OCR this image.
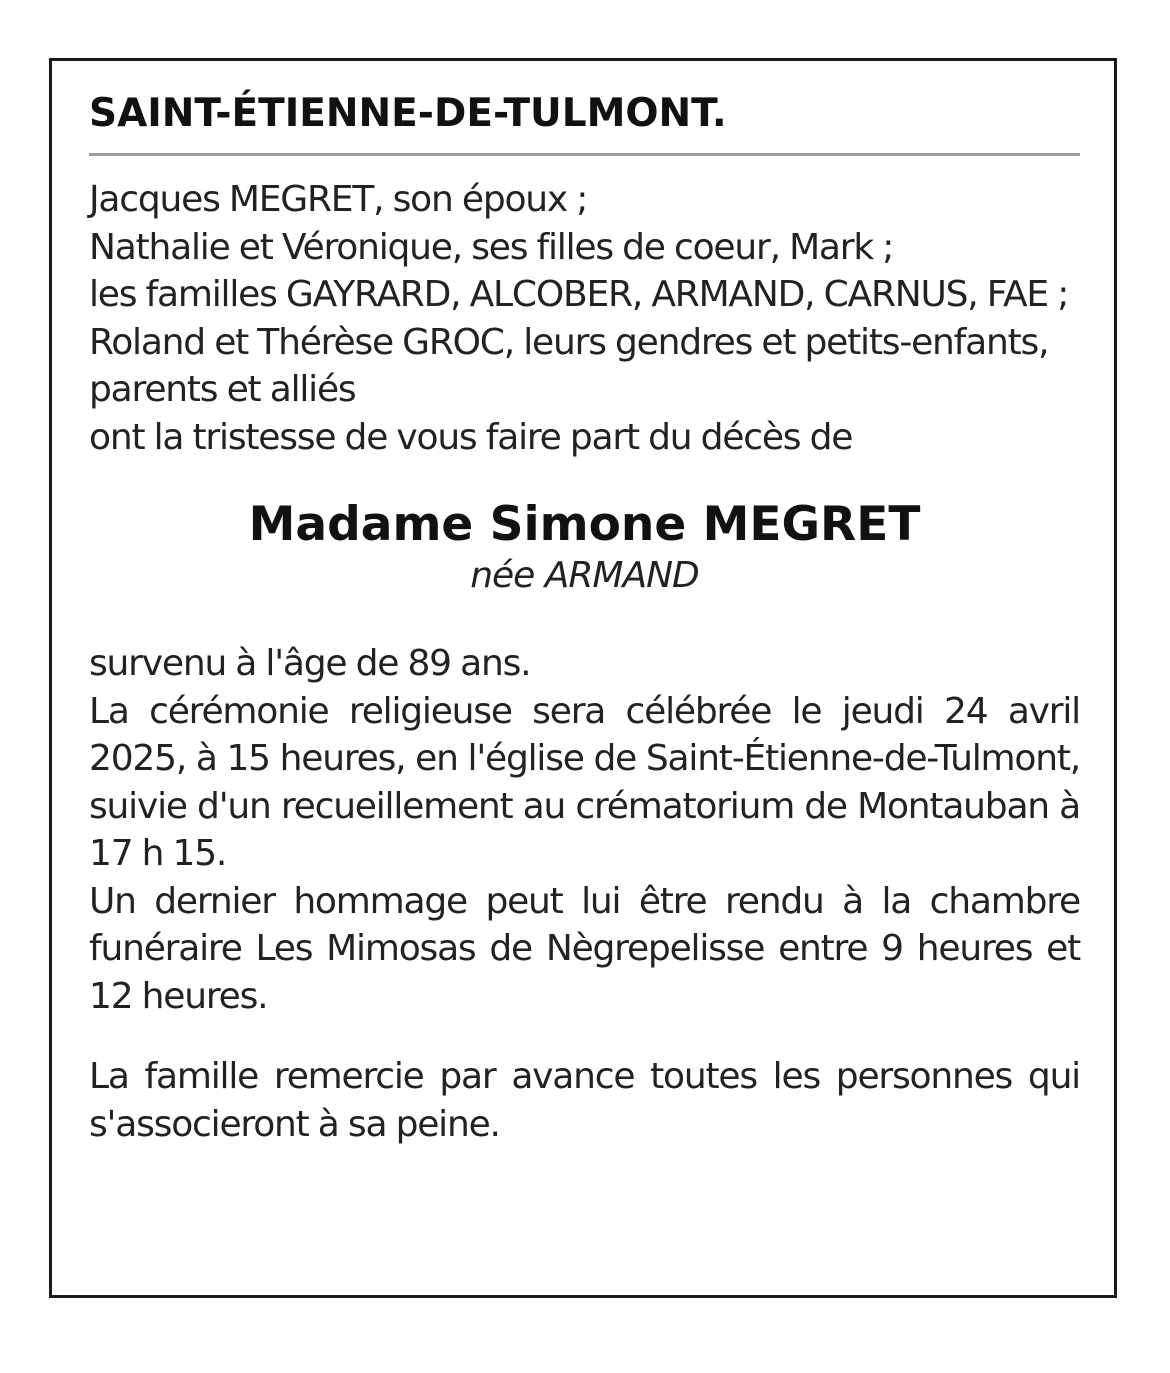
SAINT-ÉTIENNE-DE-TULMONT.
Jacques MEGRET, son époux ;
Nathalie et Véronique, ses filles de coeur, Mark ;
les familles GAYRARD, ALCOBER, ARMAND, CARNUS, FAE ;
Roland et Thérèse GROC, leurs gendres et petits-enfants,
parents et alliés
ont la tristesse de vous faire part du décès de

Madame Simone MEGRET

née ARMAND

survenu à l'âge de 89 ans.
La cérémonie religieuse sera célébrée le jeudi 24 avril 2025, à 15 heures, en l'église de Saint-Étienne-de-Tulmont, suivie d'un recueillement au crématorium de Montauban à 17 h 15.
Un dernier hommage peut lui être rendu à la chambre funéraire Les Mimosas de Nègrepelisse entre 9 heures et 12 heures.

La famille remercie par avance toutes les personnes qui s'associeront à sa peine.
